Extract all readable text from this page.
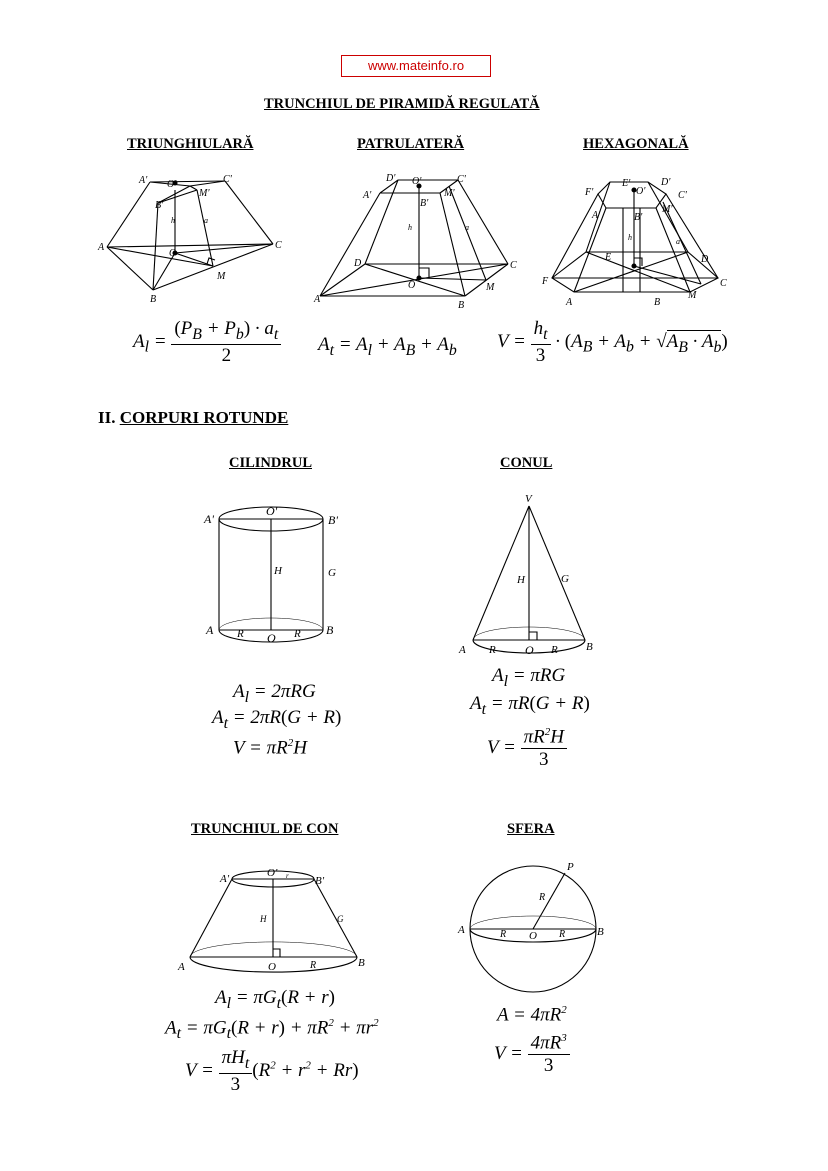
www.mateinfo.ro
TRUNCHIUL DE PIRAMIDĂ REGULATĂ
TRIUNGHIULARĂ	PATRULATERĂ	HEXAGONALĂ
A' O'	C'
M'
B'
h	a
A
O
C
M
B
D' O'	C'
A'
B'
M'
h	a
D	C
O	M
A
B
F'
E'
O'
D'
C'
A'	B'
M'
h	a
E	D
F	C
A	B
M
$A_l = \frac{(P_B + P_b) \cdot a_t}{2} A_t = A_l + A_B + A_b$ $V = \frac{h_t}{3} \cdot (A_B + A_b + √A_B \cdot A_b)$
II. CORPURI ROTUNDE
CILINDRUL	CONUL
A'
O'
B'
H	G
A R O R B
V
H	G
A R O R	B
$A_l = 2\pi RG$
$A_t = 2\pi R(G + R)$
$V = \pi R^2H$
$A_l = \pi RG$
$A_t = \pi R(G + R)$
$V = \frac{\pi R^2H}{3}$
TRUNCHIUL DE CON	SFERA
A'	O' r B'
H	G
A	O	R	B
P
R
A	R O R	B
$A_l = \pi G_t(R + r)$
$A_t = \pi G_t(R + r) + \pi R^2 + \pi r^2$
$V = \frac{\pi H_t}{3} (R^2 + r^2 + Rr)$
$A = 4\pi R^2$
$V = \frac{4\pi R^3}{3}$
